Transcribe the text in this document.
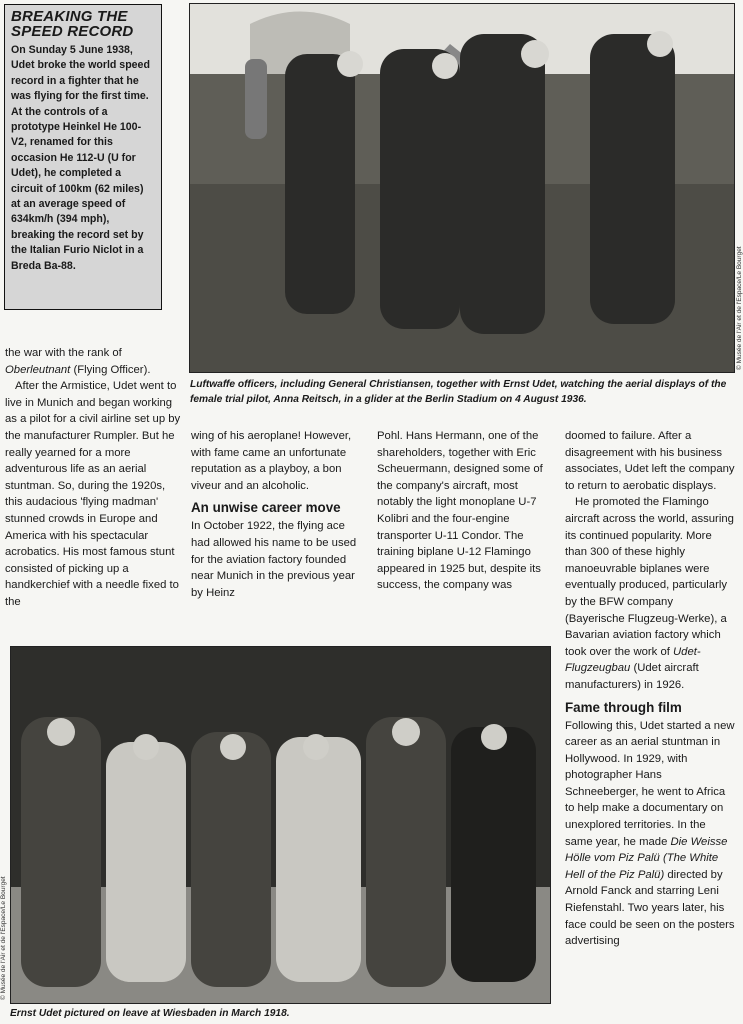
BREAKING THE
SPEED RECORD

On Sunday 5 June 1938, Udet broke the world speed record in a fighter that he was flying for the first time. At the controls of a prototype Heinkel He 100-V2, renamed for this occasion He 112-U (U for Udet), he completed a circuit of 100km (62 miles) at an average speed of 634km/h (394 mph), breaking the record set by the Italian Furio Niclot in a Breda Ba-88.	© Musée de l'Air et de l'Espace/Le Bourget
Luftwaffe officers, including General Christiansen, together with Ernst Udet, watching the aerial displays of the female trial pilot, Anna Reitsch, in a glider at the Berlin Stadium on 4 August 1936.

the war with the rank of Oberleutnant (Flying Officer).

After the Armistice, Udet went to live in Munich and began working as a pilot for a civil airline set up by the manufacturer Rumpler. But he really yearned for a more adventurous life as an aerial stuntman. So, during the 1920s, this audacious 'flying madman' stunned crowds in Europe and America with his spectacular acrobatics. His most famous stunt consisted of picking up a handkerchief with a needle fixed to the

wing of his aeroplane! However, with fame came an unfortunate reputation as a playboy, a bon viveur and an alcoholic.

An unwise career move

In October 1922, the flying ace had allowed his name to be used for the aviation factory founded near Munich in the previous year by Heinz

Pohl. Hans Hermann, one of the shareholders, together with Eric Scheuermann, designed some of the company's aircraft, most notably the light monoplane U-7 Kolibri and the four-engine transporter U-11 Condor. The training biplane U-12 Flamingo appeared in 1925 but, despite its success, the company was

doomed to failure. After a disagreement with his business associates, Udet left the company to return to aerobatic displays.

He promoted the Flamingo aircraft across the world, assuring its continued popularity. More than 300 of these highly manoeuvrable biplanes were eventually produced, particularly by the BFW company (Bayerische Flugzeug-Werke), a Bavarian aviation factory which took over the work of Udet-Flugzeugbau (Udet aircraft manufacturers) in 1926.

Fame through film

Following this, Udet started a new career as an aerial stuntman in Hollywood. In 1929, with photographer Hans Schneeberger, he went to Africa to help make a documentary on unexplored territories. In the same year, he made Die Weisse Hölle vom Piz Palü (The White Hell of the Piz Palü) directed by Arnold Fanck and starring Leni Riefenstahl. Two years later, his face could be seen on the posters advertising

© Musée de l'Air et de l'Espace/Le Bourget
Ernst Udet pictured on leave at Wiesbaden in March 1918.
